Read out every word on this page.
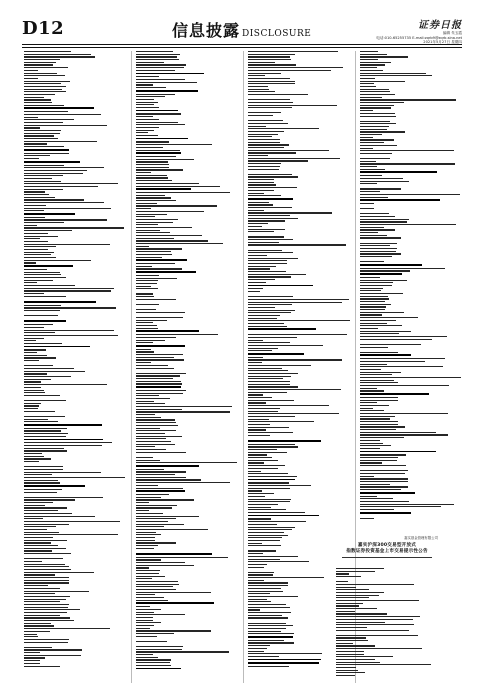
D12	信息披露 DISCLOSURE
证券日报
编辑 朱玉霞
电话:010-65255735 E-mail:zqrb9@zqrb.sina.net
2021年5月27日 星期四
嘉实基金管理有限公司
嘉实沪深300交易型开放式
指数证券投资基金上市交易提示性公告
